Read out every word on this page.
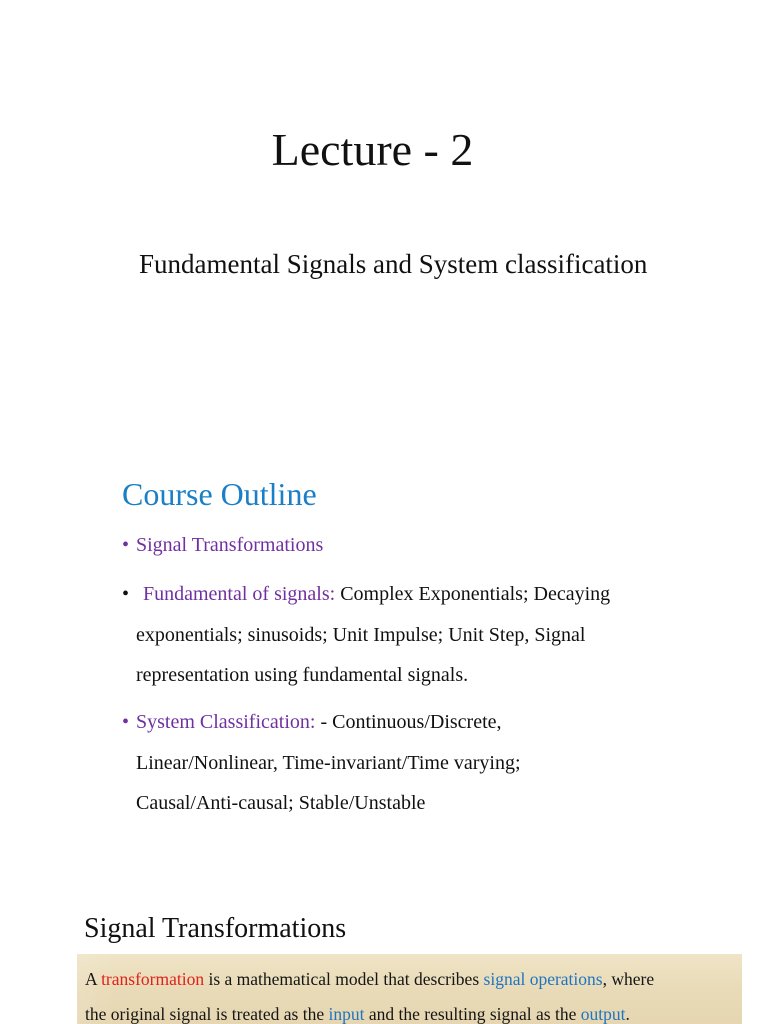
Lecture - 2
Fundamental Signals and System classification
Course Outline
• Signal Transformations
• Fundamental of signals: Complex Exponentials; Decaying
exponentials; sinusoids; Unit Impulse; Unit Step, Signal
representation using fundamental signals.
• System Classification: - Continuous/Discrete,
Linear/Nonlinear, Time-invariant/Time varying;
Causal/Anti-causal; Stable/Unstable
Signal Transformations
A transformation is a mathematical model that describes signal operations, where
the original signal is treated as the input and the resulting signal as the output.
